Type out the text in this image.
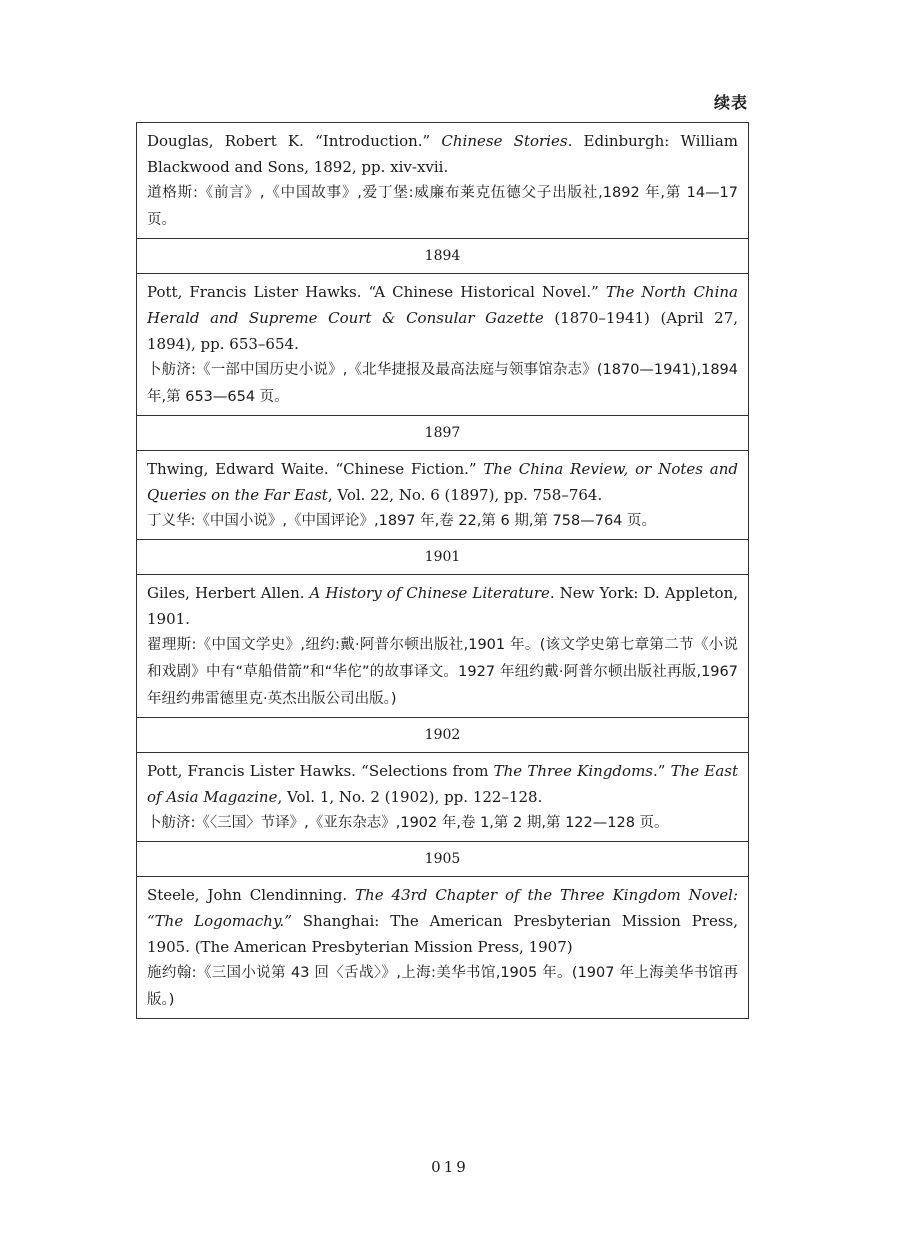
续表
Douglas, Robert K. “Introduction.” Chinese Stories. Edinburgh: William Blackwood and Sons, 1892, pp. xiv-xvii.
道格斯:《前言》,《中国故事》,爱丁堡:威廉布莱克伍德父子出版社,1892 年,第 14—17 页。
1894
Pott, Francis Lister Hawks. “A Chinese Historical Novel.” The North China Herald and Supreme Court & Consular Gazette (1870–1941) (April 27, 1894), pp. 653–654.
卜舫济:《一部中国历史小说》,《北华捷报及最高法庭与领事馆杂志》(1870—1941),1894 年,第 653—654 页。
1897
Thwing, Edward Waite. “Chinese Fiction.” The China Review, or Notes and Queries on the Far East, Vol. 22, No. 6 (1897), pp. 758–764.
丁义华:《中国小说》,《中国评论》,1897 年,卷 22,第 6 期,第 758—764 页。
1901
Giles, Herbert Allen. A History of Chinese Literature. New York: D. Appleton, 1901.
翟理斯:《中国文学史》,纽约:戴·阿普尔顿出版社,1901 年。(该文学史第七章第二节《小说和戏剧》中有“草船借箭”和“华佗”的故事译文。1927 年纽约戴·阿普尔顿出版社再版,1967 年纽约弗雷德里克·英杰出版公司出版。)
1902
Pott, Francis Lister Hawks. “Selections from The Three Kingdoms.” The East of Asia Magazine, Vol. 1, No. 2 (1902), pp. 122–128.
卜舫济:《〈三国〉节译》,《亚东杂志》,1902 年,卷 1,第 2 期,第 122—128 页。
1905
Steele, John Clendinning. The 43rd Chapter of the Three Kingdom Novel: “The Logomachy.” Shanghai: The American Presbyterian Mission Press, 1905. (The American Presbyterian Mission Press, 1907)
施约翰:《三国小说第 43 回〈舌战〉》,上海:美华书馆,1905 年。(1907 年上海美华书馆再版。)
019
